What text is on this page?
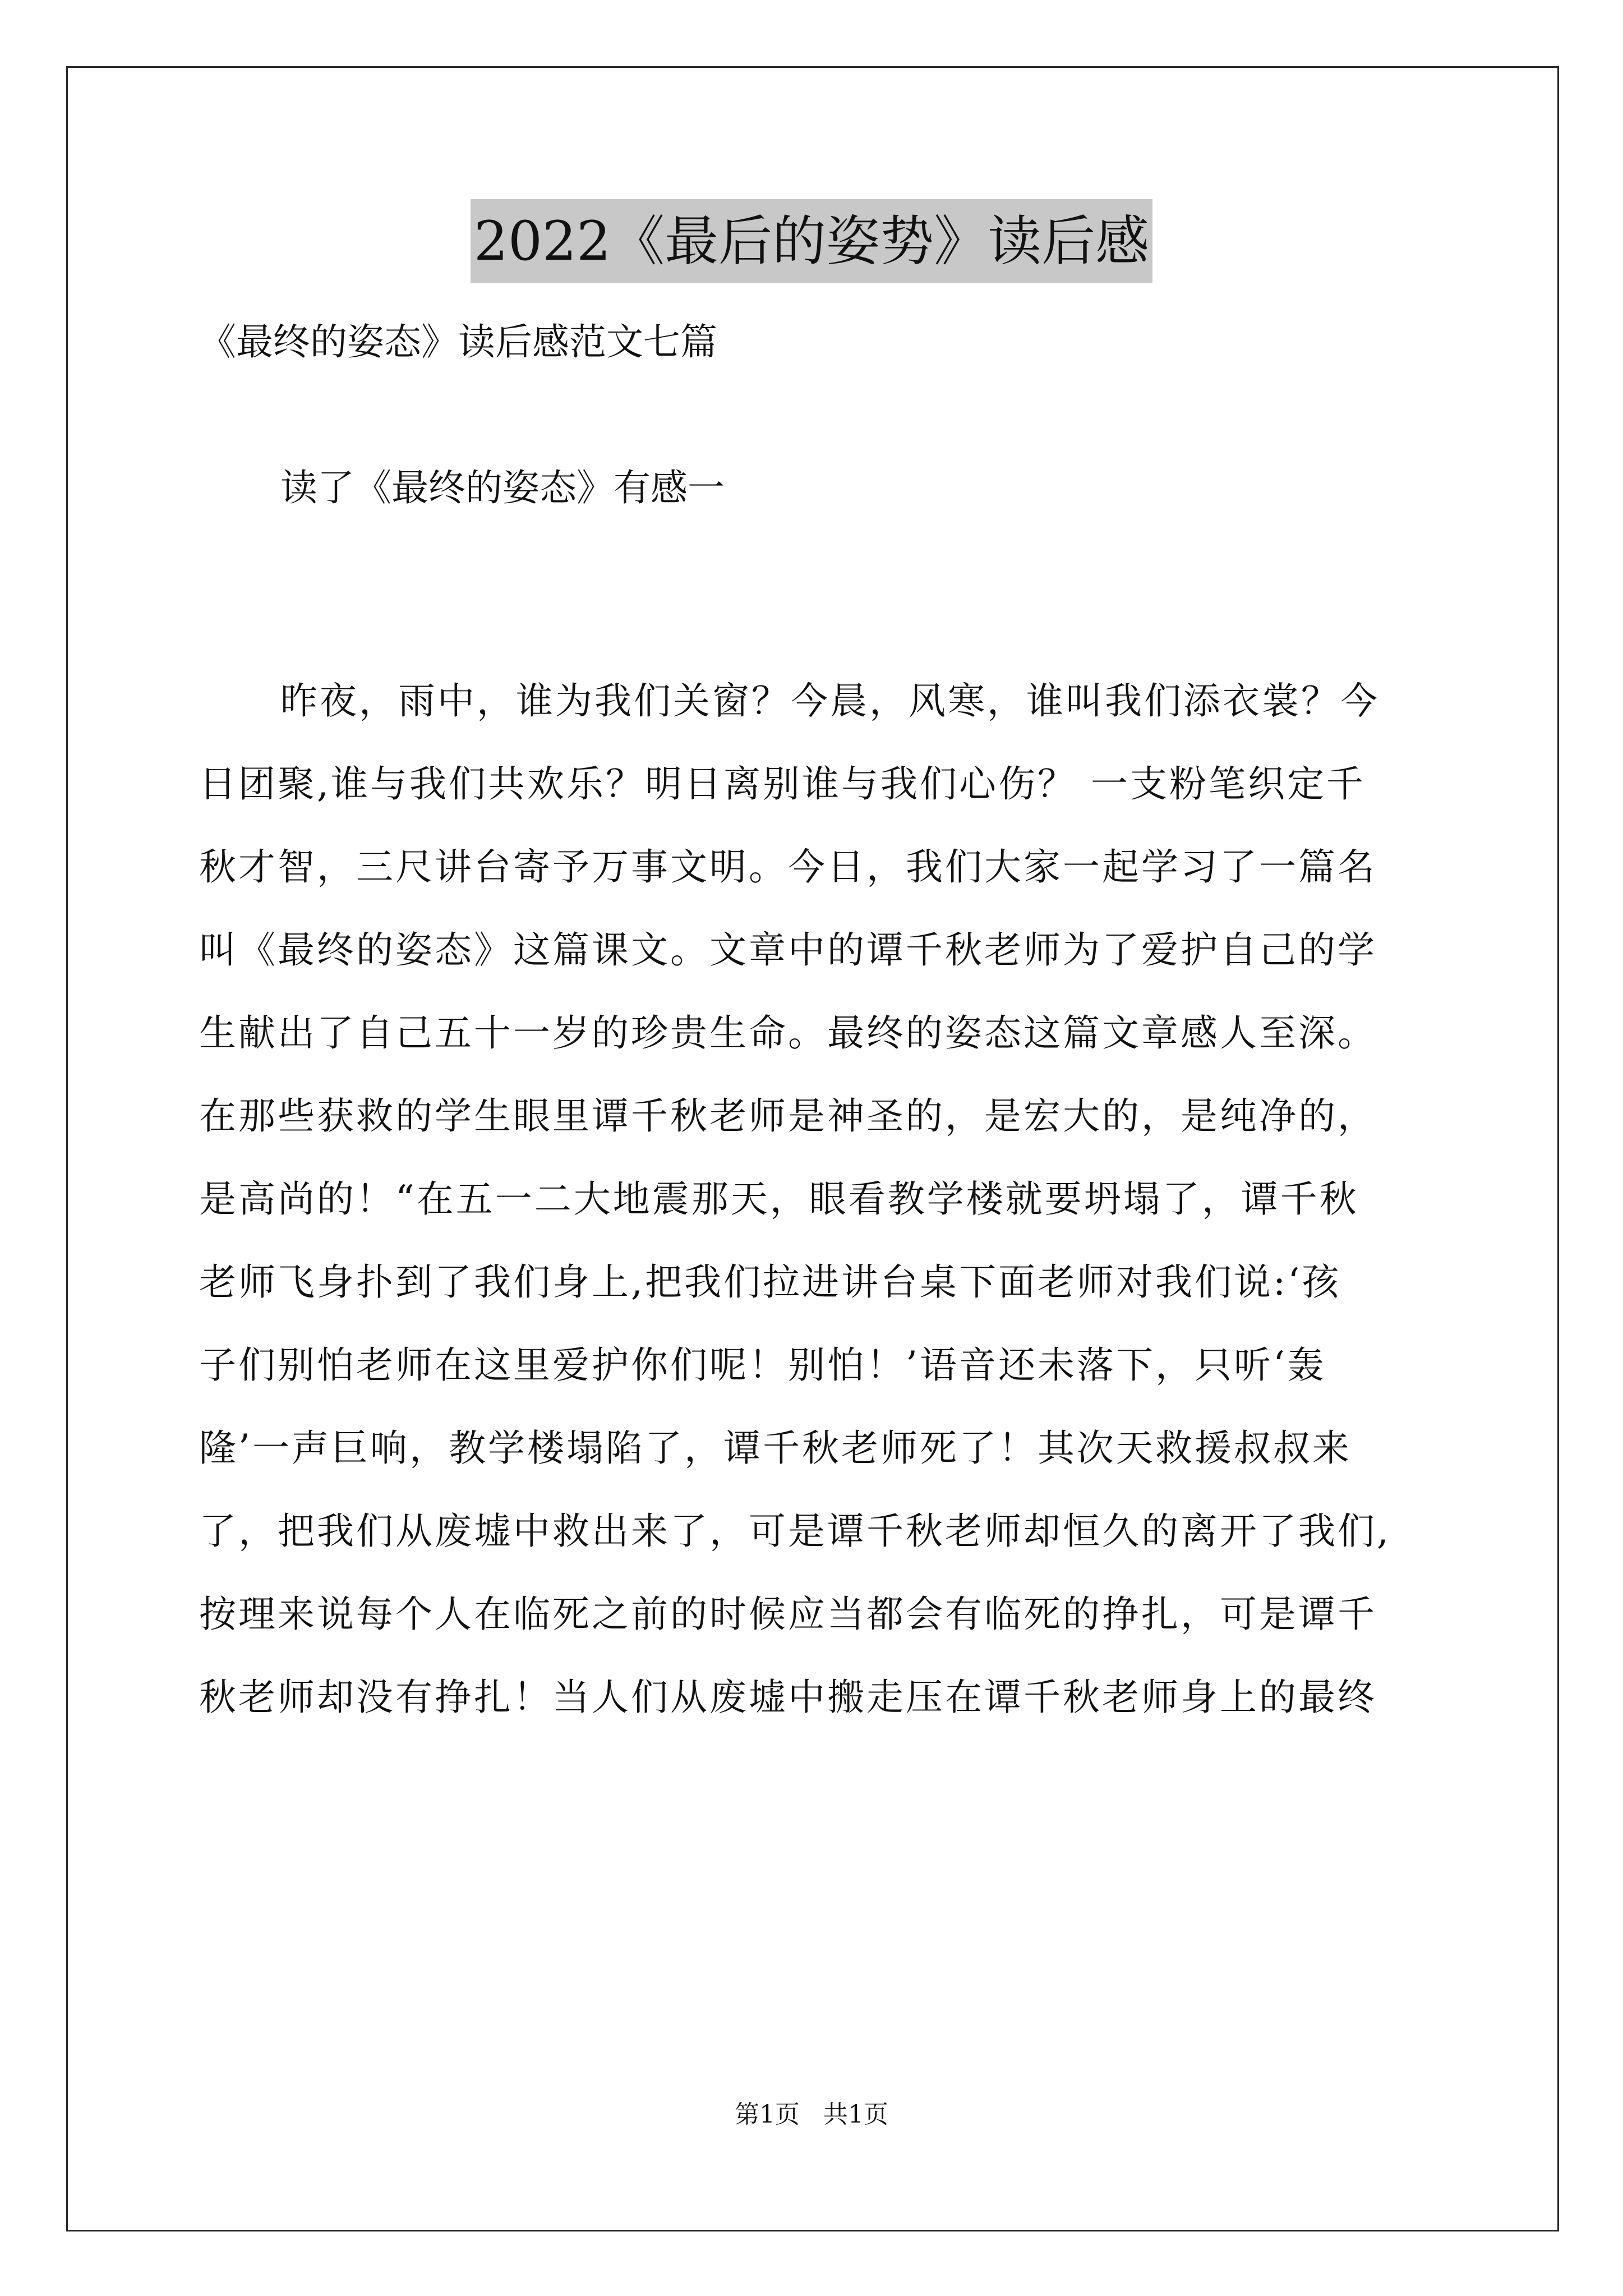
2022《最后的姿势》读后感
《最终的姿态》读后感范文七篇
读了《最终的姿态》有感一
昨夜，雨中，谁为我们关窗？今晨，风寒，谁叫我们添衣裳？今
日团聚,谁与我们共欢乐？明日离别谁与我们心伤？ 一支粉笔织定千
秋才智，三尺讲台寄予万事文明。今日，我们大家一起学习了一篇名
叫《最终的姿态》这篇课文。文章中的谭千秋老师为了爱护自己的学
生献出了自己五十一岁的珍贵生命。最终的姿态这篇文章感人至深。
在那些获救的学生眼里谭千秋老师是神圣的，是宏大的，是纯净的，
是高尚的！“在五一二大地震那天，眼看教学楼就要坍塌了，谭千秋
老师飞身扑到了我们身上,把我们拉进讲台桌下面老师对我们说:‘孩
子们别怕老师在这里爱护你们呢！别怕！’语音还未落下，只听‘轰
隆’一声巨响，教学楼塌陷了，谭千秋老师死了！其次天救援叔叔来
了，把我们从废墟中救出来了，可是谭千秋老师却恒久的离开了我们,
按理来说每个人在临死之前的时候应当都会有临死的挣扎，可是谭千
秋老师却没有挣扎！当人们从废墟中搬走压在谭千秋老师身上的最终
第1页   共1页
